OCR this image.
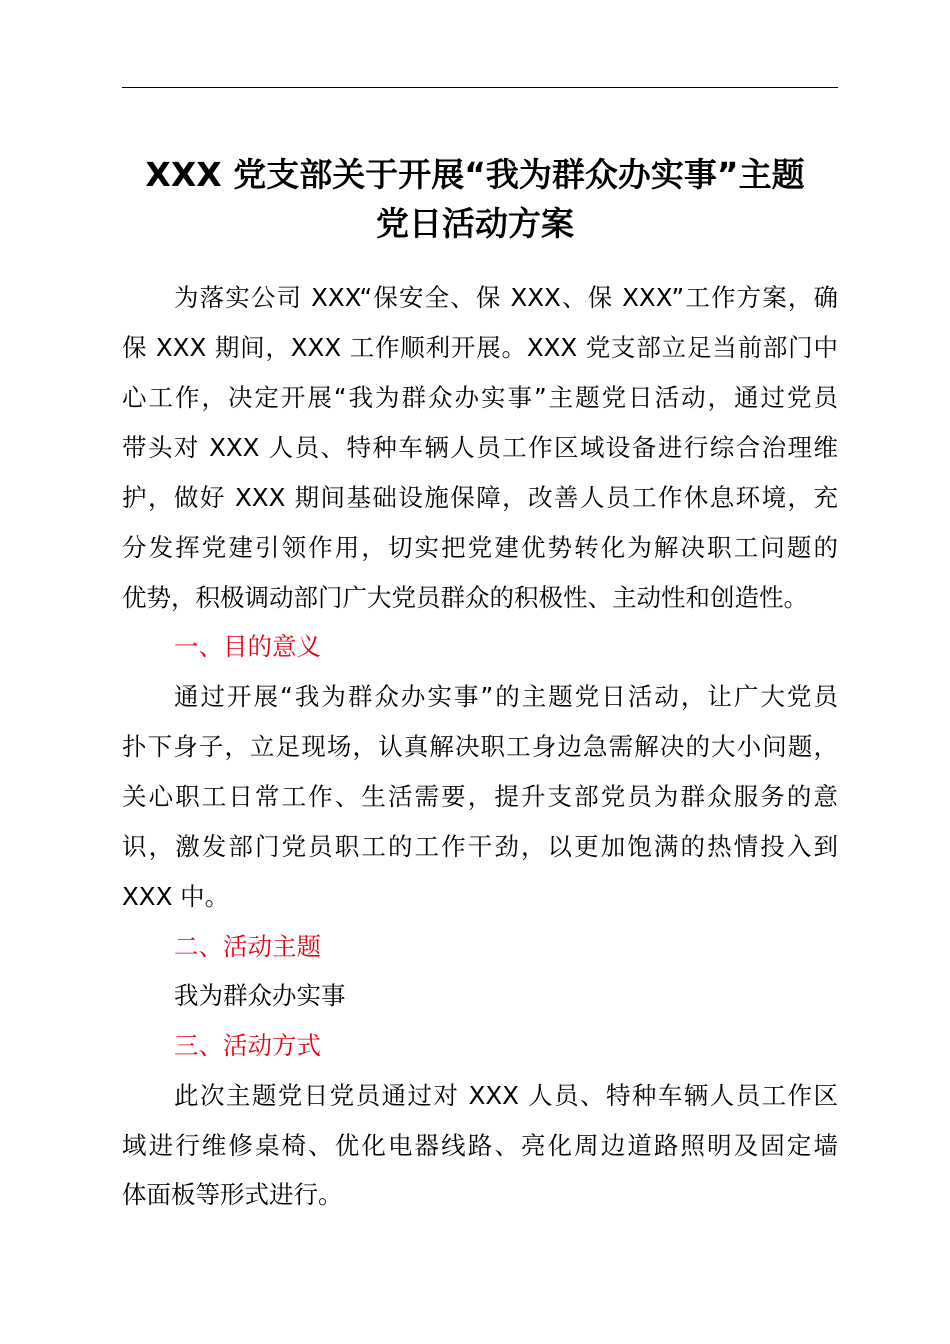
XXX 党支部关于开展“我为群众办实事”主题
党日活动方案
为落实公司 XXX“保安全、保 XXX、保 XXX”工作方案，确
保 XXX 期间，XXX 工作顺利开展。XXX 党支部立足当前部门中
心工作，决定开展“我为群众办实事”主题党日活动，通过党员
带头对 XXX 人员、特种车辆人员工作区域设备进行综合治理维
护，做好 XXX 期间基础设施保障，改善人员工作休息环境，充
分发挥党建引领作用，切实把党建优势转化为解决职工问题的
优势，积极调动部门广大党员群众的积极性、主动性和创造性。
一、目的意义
通过开展“我为群众办实事”的主题党日活动，让广大党员
扑下身子，立足现场，认真解决职工身边急需解决的大小问题，
关心职工日常工作、生活需要，提升支部党员为群众服务的意
识，激发部门党员职工的工作干劲，以更加饱满的热情投入到
XXX 中。
二、活动主题
我为群众办实事
三、活动方式
此次主题党日党员通过对 XXX 人员、特种车辆人员工作区
域进行维修桌椅、优化电器线路、亮化周边道路照明及固定墙
体面板等形式进行。
